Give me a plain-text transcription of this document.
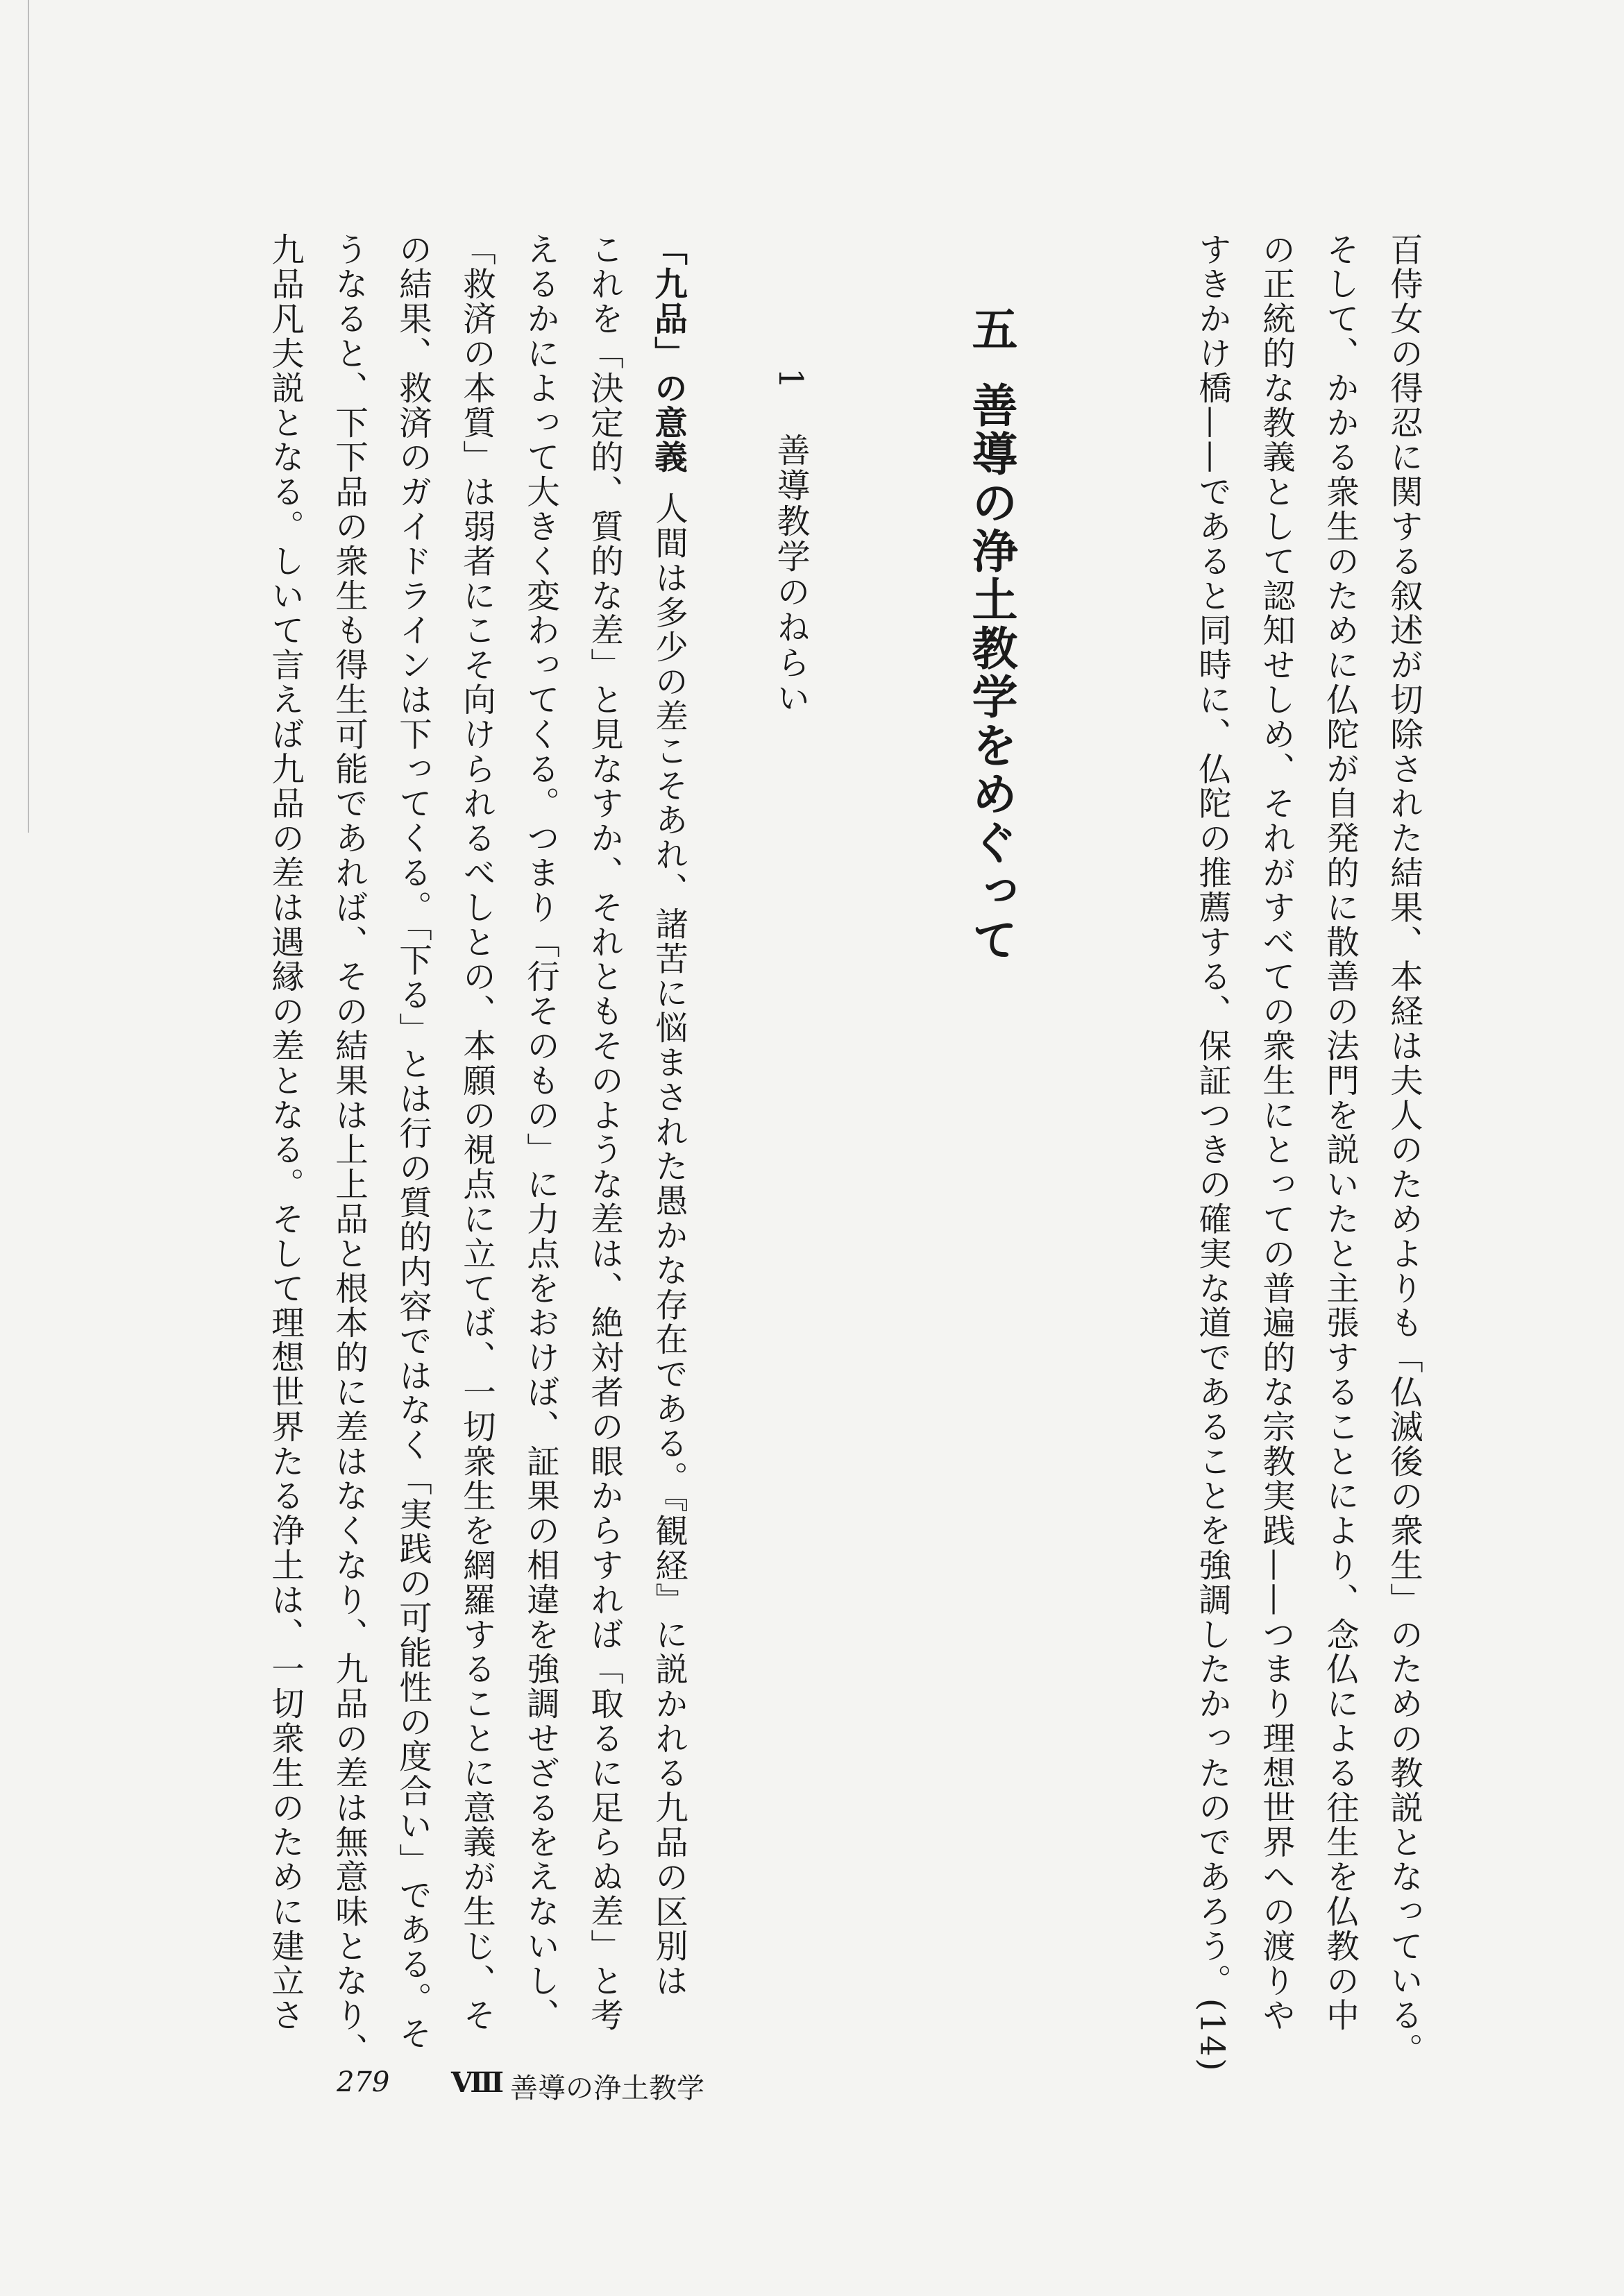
百侍女の得忍に関する叙述が切除された結果、本経は夫人のためよりも「仏滅後の衆生」のための教説となっている。
そして、かかる衆生のために仏陀が自発的に散善の法門を説いたと主張することにより、念仏による往生を仏教の中
の正統的な教義として認知せしめ、それがすべての衆生にとっての普遍的な宗教実践——つまり理想世界への渡りや
すきかけ橋——であると同時に、仏陀の推薦する、保証つきの確実な道であることを強調したかったのであろう。(14)
五善導の浄土教学をめぐって
1善導教学のねらい
「九品」の意義人間は多少の差こそあれ、諸苦に悩まされた愚かな存在である。『観経』に説かれる九品の区別は
これを「決定的、質的な差」と見なすか、それともそのような差は、絶対者の眼からすれば「取るに足らぬ差」と考
えるかによって大きく変わってくる。つまり「行そのもの」に力点をおけば、証果の相違を強調せざるをえないし、
「救済の本質」は弱者にこそ向けられるべしとの、本願の視点に立てば、一切衆生を網羅することに意義が生じ、そ
の結果、救済のガイドラインは下ってくる。「下る」とは行の質的内容ではなく「実践の可能性の度合い」である。そ
うなると、下下品の衆生も得生可能であれば、その結果は上上品と根本的に差はなくなり、九品の差は無意味となり、
九品凡夫説となる。しいて言えば九品の差は遇縁の差となる。そして理想世界たる浄土は、一切衆生のために建立さ
279 Ⅷ 善導の浄土教学
